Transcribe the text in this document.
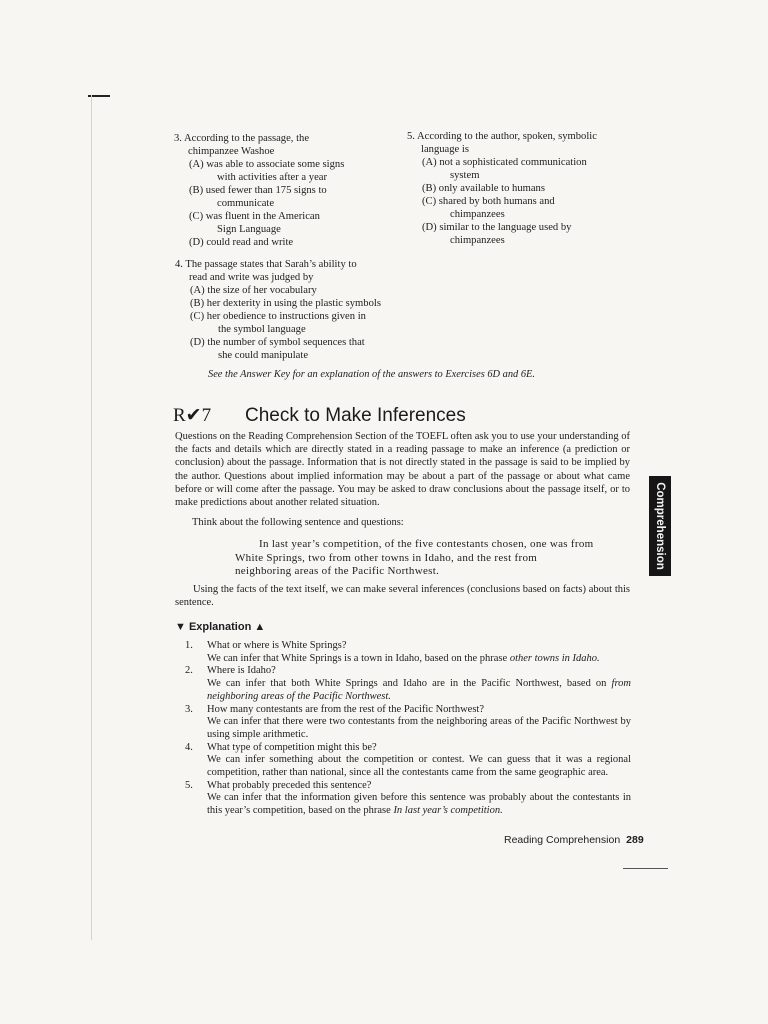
3. According to the passage, the
chimpanzee Washoe

(A) was able to associate some signs
with activities after a year

(B) used fewer than 175 signs to
communicate

(C) was fluent in the American
Sign Language

(D) could read and write

5. According to the author, spoken, symbolic
language is

(A) not a sophisticated communication
system

(B) only available to humans

(C) shared by both humans and
chimpanzees

(D) similar to the language used by
chimpanzees

4. The passage states that Sarah’s ability to
read and write was judged by

(A) the size of her vocabulary

(B) her dexterity in using the plastic symbols

(C) her obedience to instructions given in
the symbol language

(D) the number of symbol sequences that
she could manipulate

See the Answer Key for an explanation of the answers to Exercises 6D and 6E.
R✔7	Check to Make Inferences

Questions on the Reading Comprehension Section of the TOEFL often ask you to use your understanding of the facts and details which are directly stated in a reading passage to make an inference (a prediction or conclusion) about the passage. Information that is not directly stated in the passage is said to be implied by the author. Questions about implied information may be about a part of the passage or about what came before or will come after the passage. You may be asked to draw conclusions about the passage itself, or to make predictions about another related situation.	Comprehension
Think about the following sentence and questions:
In last year’s competition, of the five contestants chosen, one was from
White Springs, two from other towns in Idaho, and the rest from
neighboring areas of the Pacific Northwest.

Using the facts of the text itself, we can make several inferences (conclusions based on facts) about this sentence.

▼ Explanation ▲
1.	What or where is White Springs?
We can infer that White Springs is a town in Idaho, based on the phrase other towns in Idaho.
2.	Where is Idaho?
We can infer that both White Springs and Idaho are in the Pacific Northwest, based on from neighboring areas of the Pacific Northwest.
3.	How many contestants are from the rest of the Pacific Northwest?
We can infer that there were two contestants from the neighboring areas of the Pacific Northwest by using simple arithmetic.
4.	What type of competition might this be?
We can infer something about the competition or contest. We can guess that it was a regional competition, rather than national, since all the contestants came from the same geographic area.
5.	What probably preceded this sentence?
We can infer that the information given before this sentence was probably about the contestants in this year’s competition, based on the phrase In last year’s competition.
Reading Comprehension 289
